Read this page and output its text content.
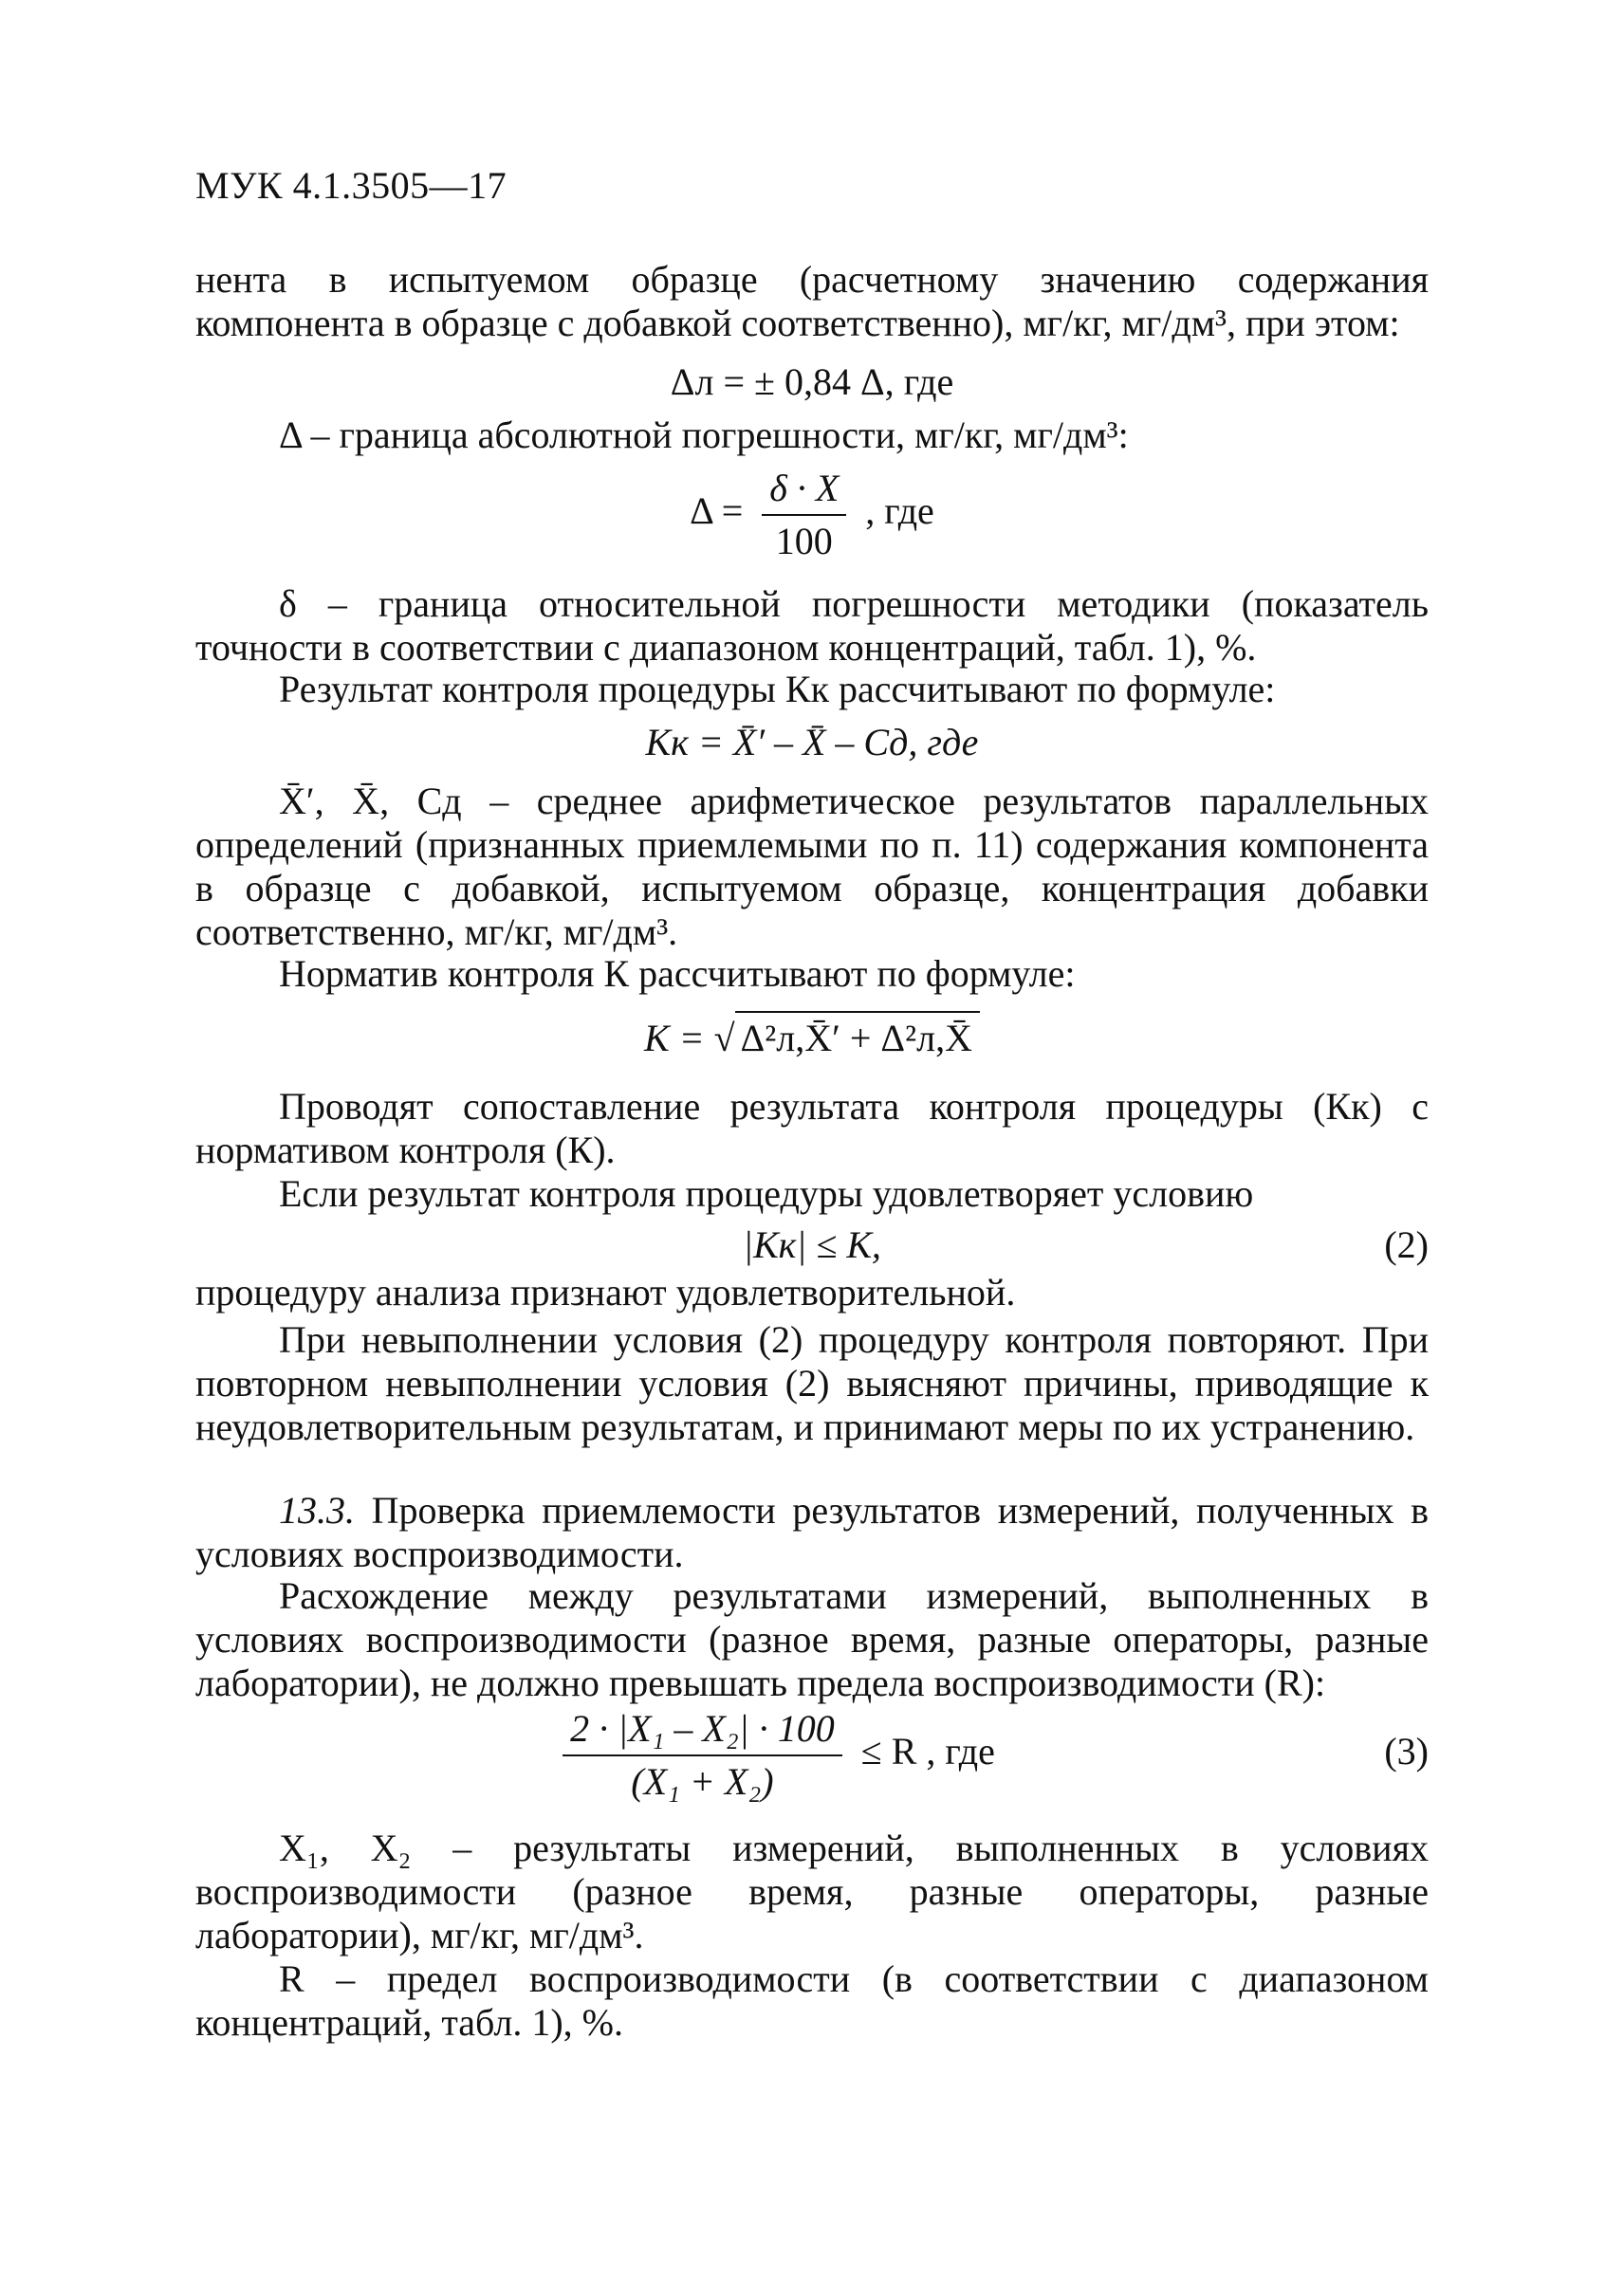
МУК 4.1.3505—17
нента в испытуемом образце (расчетному значению содержания компонента в образце с добавкой соответственно), мг/кг, мг/дм³, при этом:
Δл = ± 0,84 Δ, где
Δ – граница абсолютной погрешности, мг/кг, мг/дм³:
$\Delta = \frac{\delta \cdot X}{100}$ , где
δ – граница относительной погрешности методики (показатель точности в соответствии с диапазоном концентраций, табл. 1), %.
Результат контроля процедуры Кк рассчитывают по формуле:
Кк = X̄′ – X̄ – Сд, где
X̄′, X̄, Сд – среднее арифметическое результатов параллельных определений (признанных приемлемыми по п. 11) содержания компонента в образце с добавкой, испытуемом образце, концентрация добавки соответственно, мг/кг, мг/дм³.
Норматив контроля К рассчитывают по формуле:
К = √ Δ²л,X̄′ + Δ²л,X̄
Проводят сопоставление результата контроля процедуры (Кк) с нормативом контроля (К).
Если результат контроля процедуры удовлетворяет условию
|Кк| ≤ К,	(2)
процедуру анализа признают удовлетворительной.
При невыполнении условия (2) процедуру контроля повторяют. При повторном невыполнении условия (2) выясняют причины, приводящие к неудовлетворительным результатам, и принимают меры по их устранению.
13.3. Проверка приемлемости результатов измерений, полученных в условиях воспроизводимости.
Расхождение между результатами измерений, выполненных в условиях воспроизводимости (разное время, разные операторы, разные лаборатории), не должно превышать предела воспроизводимости (R):
$\frac{\text{2 · |X₁ – X₂| · 100}}{\text{(X₁ + X₂)}} \le R$ , где	(3)
X₁, X₂ – результаты измерений, выполненных в условиях воспроизводимости (разное время, разные операторы, разные лаборатории), мг/кг, мг/дм³.
R – предел воспроизводимости (в соответствии с диапазоном концентраций, табл. 1), %.
